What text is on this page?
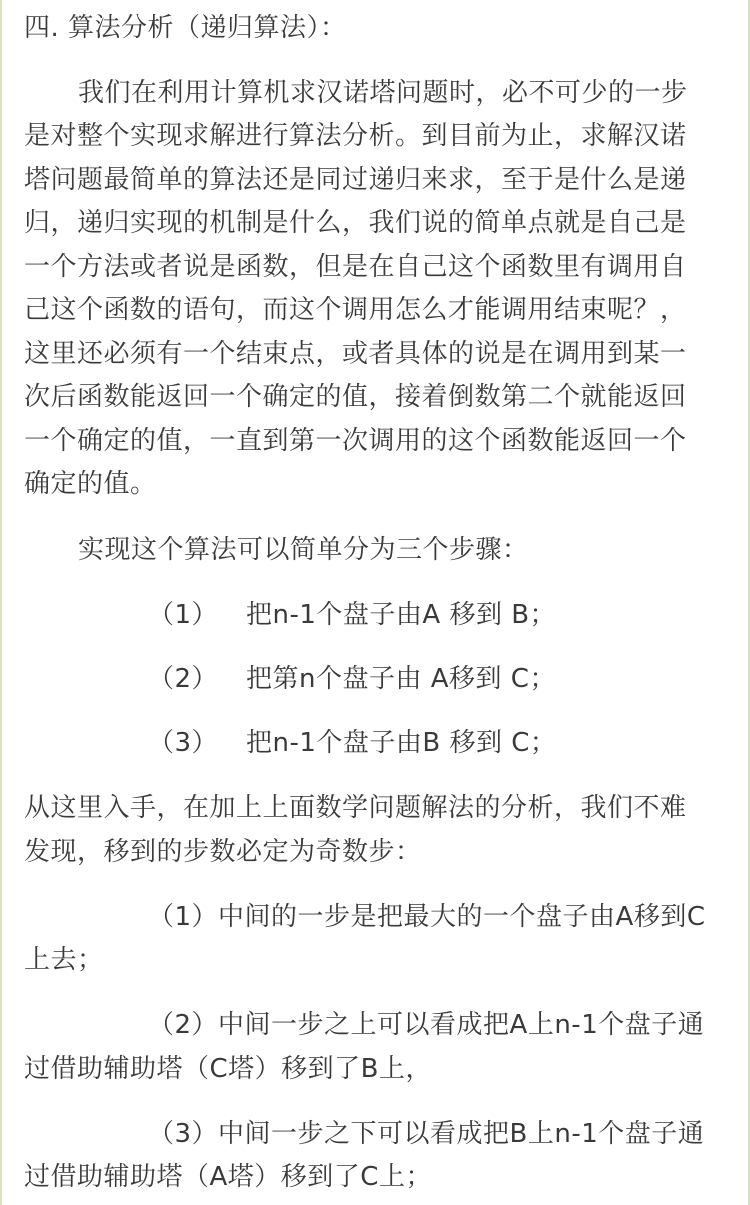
四. 算法分析（递归算法）：
我们在利用计算机求汉诺塔问题时，必不可少的一步
是对整个实现求解进行算法分析。到目前为止，求解汉诺
塔问题最简单的算法还是同过递归来求，至于是什么是递
归，递归实现的机制是什么，我们说的简单点就是自己是
一个方法或者说是函数，但是在自己这个函数里有调用自
己这个函数的语句，而这个调用怎么才能调用结束呢？，
这里还必须有一个结束点，或者具体的说是在调用到某一
次后函数能返回一个确定的值，接着倒数第二个就能返回
一个确定的值，一直到第一次调用的这个函数能返回一个
确定的值。
实现这个算法可以简单分为三个步骤：
（1） 把n-1个盘子由A 移到 B；
（2） 把第n个盘子由 A移到 C；
（3） 把n-1个盘子由B 移到 C；
从这里入手，在加上上面数学问题解法的分析，我们不难
发现，移到的步数必定为奇数步：
（1）中间的一步是把最大的一个盘子由A移到C
上去；
（2）中间一步之上可以看成把A上n-1个盘子通
过借助辅助塔（C塔）移到了B上，
（3）中间一步之下可以看成把B上n-1个盘子通
过借助辅助塔（A塔）移到了C上；
